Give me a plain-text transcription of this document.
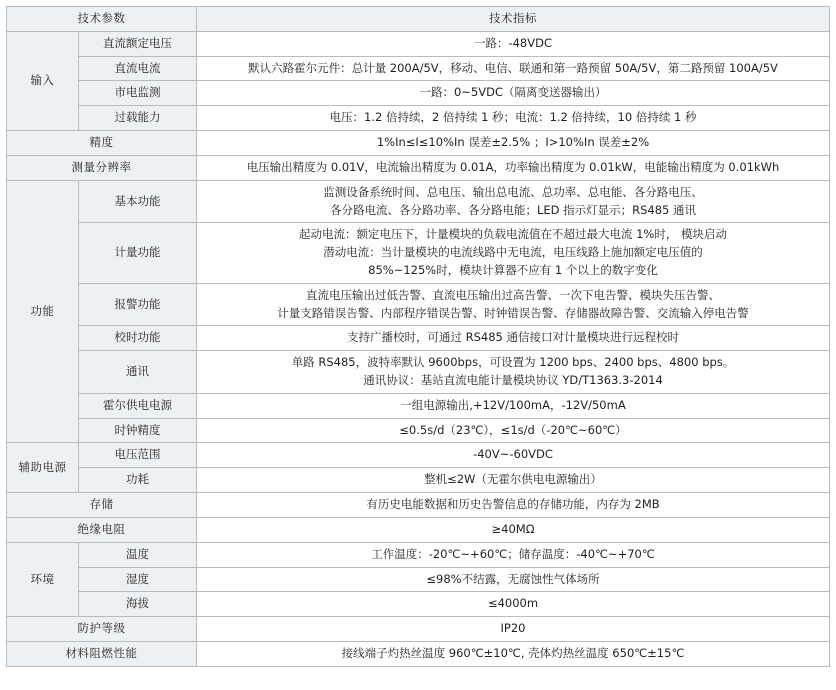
技术参数		技术指标
输入	直流额定电压	一路：-48VDC

	直流电流	默认六路霍尔元件：总计量 200A/5V，移动、电信、联通和第一路预留 50A/5V，第二路预留 100A/5V

	市电监测	一路：0~5VDC（隔离变送器输出）

	过载能力	电压：1.2 倍持续，2 倍持续 1 秒；电流：1.2 倍持续，10 倍持续 1 秒

精度		1%In≤I≤10%In 误差±2.5% ；I>10%In 误差±2%

测量分辨率		电压输出精度为 0.01V，电流输出精度为 0.01A，功率输出精度为 0.01kW，电能输出精度为 0.01kWh

功能	基本功能	监测设备系统时间、总电压、输出总电流、总功率、总电能、各分路电压、
各分路电流、各分路功率、各分路电能；LED 指示灯显示；RS485 通讯

	计量功能	起动电流：额定电压下，计量模块的负载电流值在不超过最大电流 1%时， 模块启动
潜动电流：当计量模块的电流线路中无电流，电压线路上施加额定电压值的
85%~125%时，模块计算器不应有 1 个以上的数字变化

	报警功能	直流电压输出过低告警、直流电压输出过高告警、一次下电告警、模块失压告警、
计量支路错误告警、内部程序错误告警、时钟错误告警、存储器故障告警、交流输入停电告警

	校时功能	支持广播校时，可通过 RS485 通信接口对计量模块进行远程校时

	通讯	单路 RS485，波特率默认 9600bps，可设置为 1200 bps、2400 bps、4800 bps。
通讯协议：基站直流电能计量模块协议 YD/T1363.3-2014

	霍尔供电电源	一组电源输出,+12V/100mA，-12V/50mA

	时钟精度	≤0.5s/d（23℃），≤1s/d（-20℃~60℃）

辅助电源	电压范围	-40V~-60VDC

	功耗	整机≤2W（无霍尔供电电源输出）

存储		有历史电能数据和历史告警信息的存储功能，内存为 2MB

绝缘电阻		≥40MΩ

环境	温度	工作温度：-20℃~+60℃；储存温度：-40℃~+70℃

	湿度	≤98%不结露，无腐蚀性气体场所

	海拔	≤4000m

防护等级		IP20

材料阻燃性能		接线端子灼热丝温度 960℃±10℃, 壳体灼热丝温度 650℃±15℃
